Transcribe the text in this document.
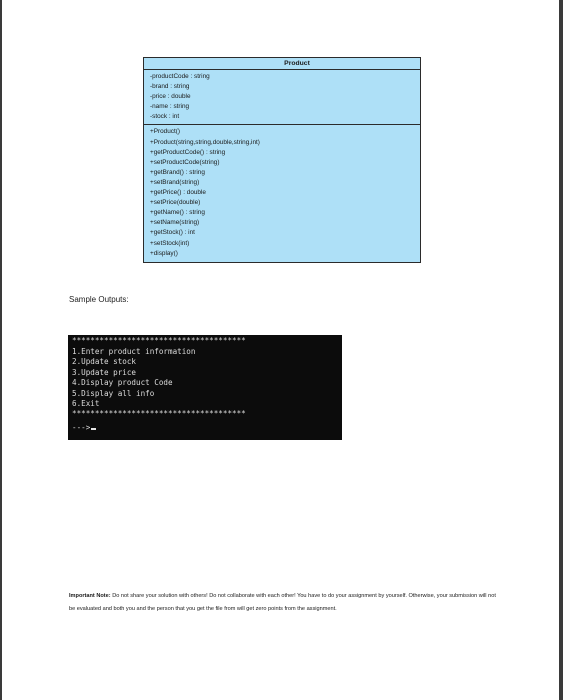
Product
-productCode : string
-brand : string
-price : double
-name : string
-stock : int
+Product()
+Product(string,string,double,string,int)
+getProductCode() : string
+setProductCode(string)
+getBrand() : string
+setBrand(string)
+getPrice() : double
+setPrice(double)
+getName() : string
+setName(string)
+getStock() : int
+setStock(int)
+display()
Sample Outputs:
**************************************
1.Enter product information
2.Update stock
3.Update price
4.Display product Code
5.Display all info
6.Exit
**************************************
--->
Important Note: Do not share your solution with others! Do not collaborate with each other! You have to do your assignment by yourself. Otherwise, your submission will not be evaluated and both you and the person that you get the file from will get zero points from the assignment.
